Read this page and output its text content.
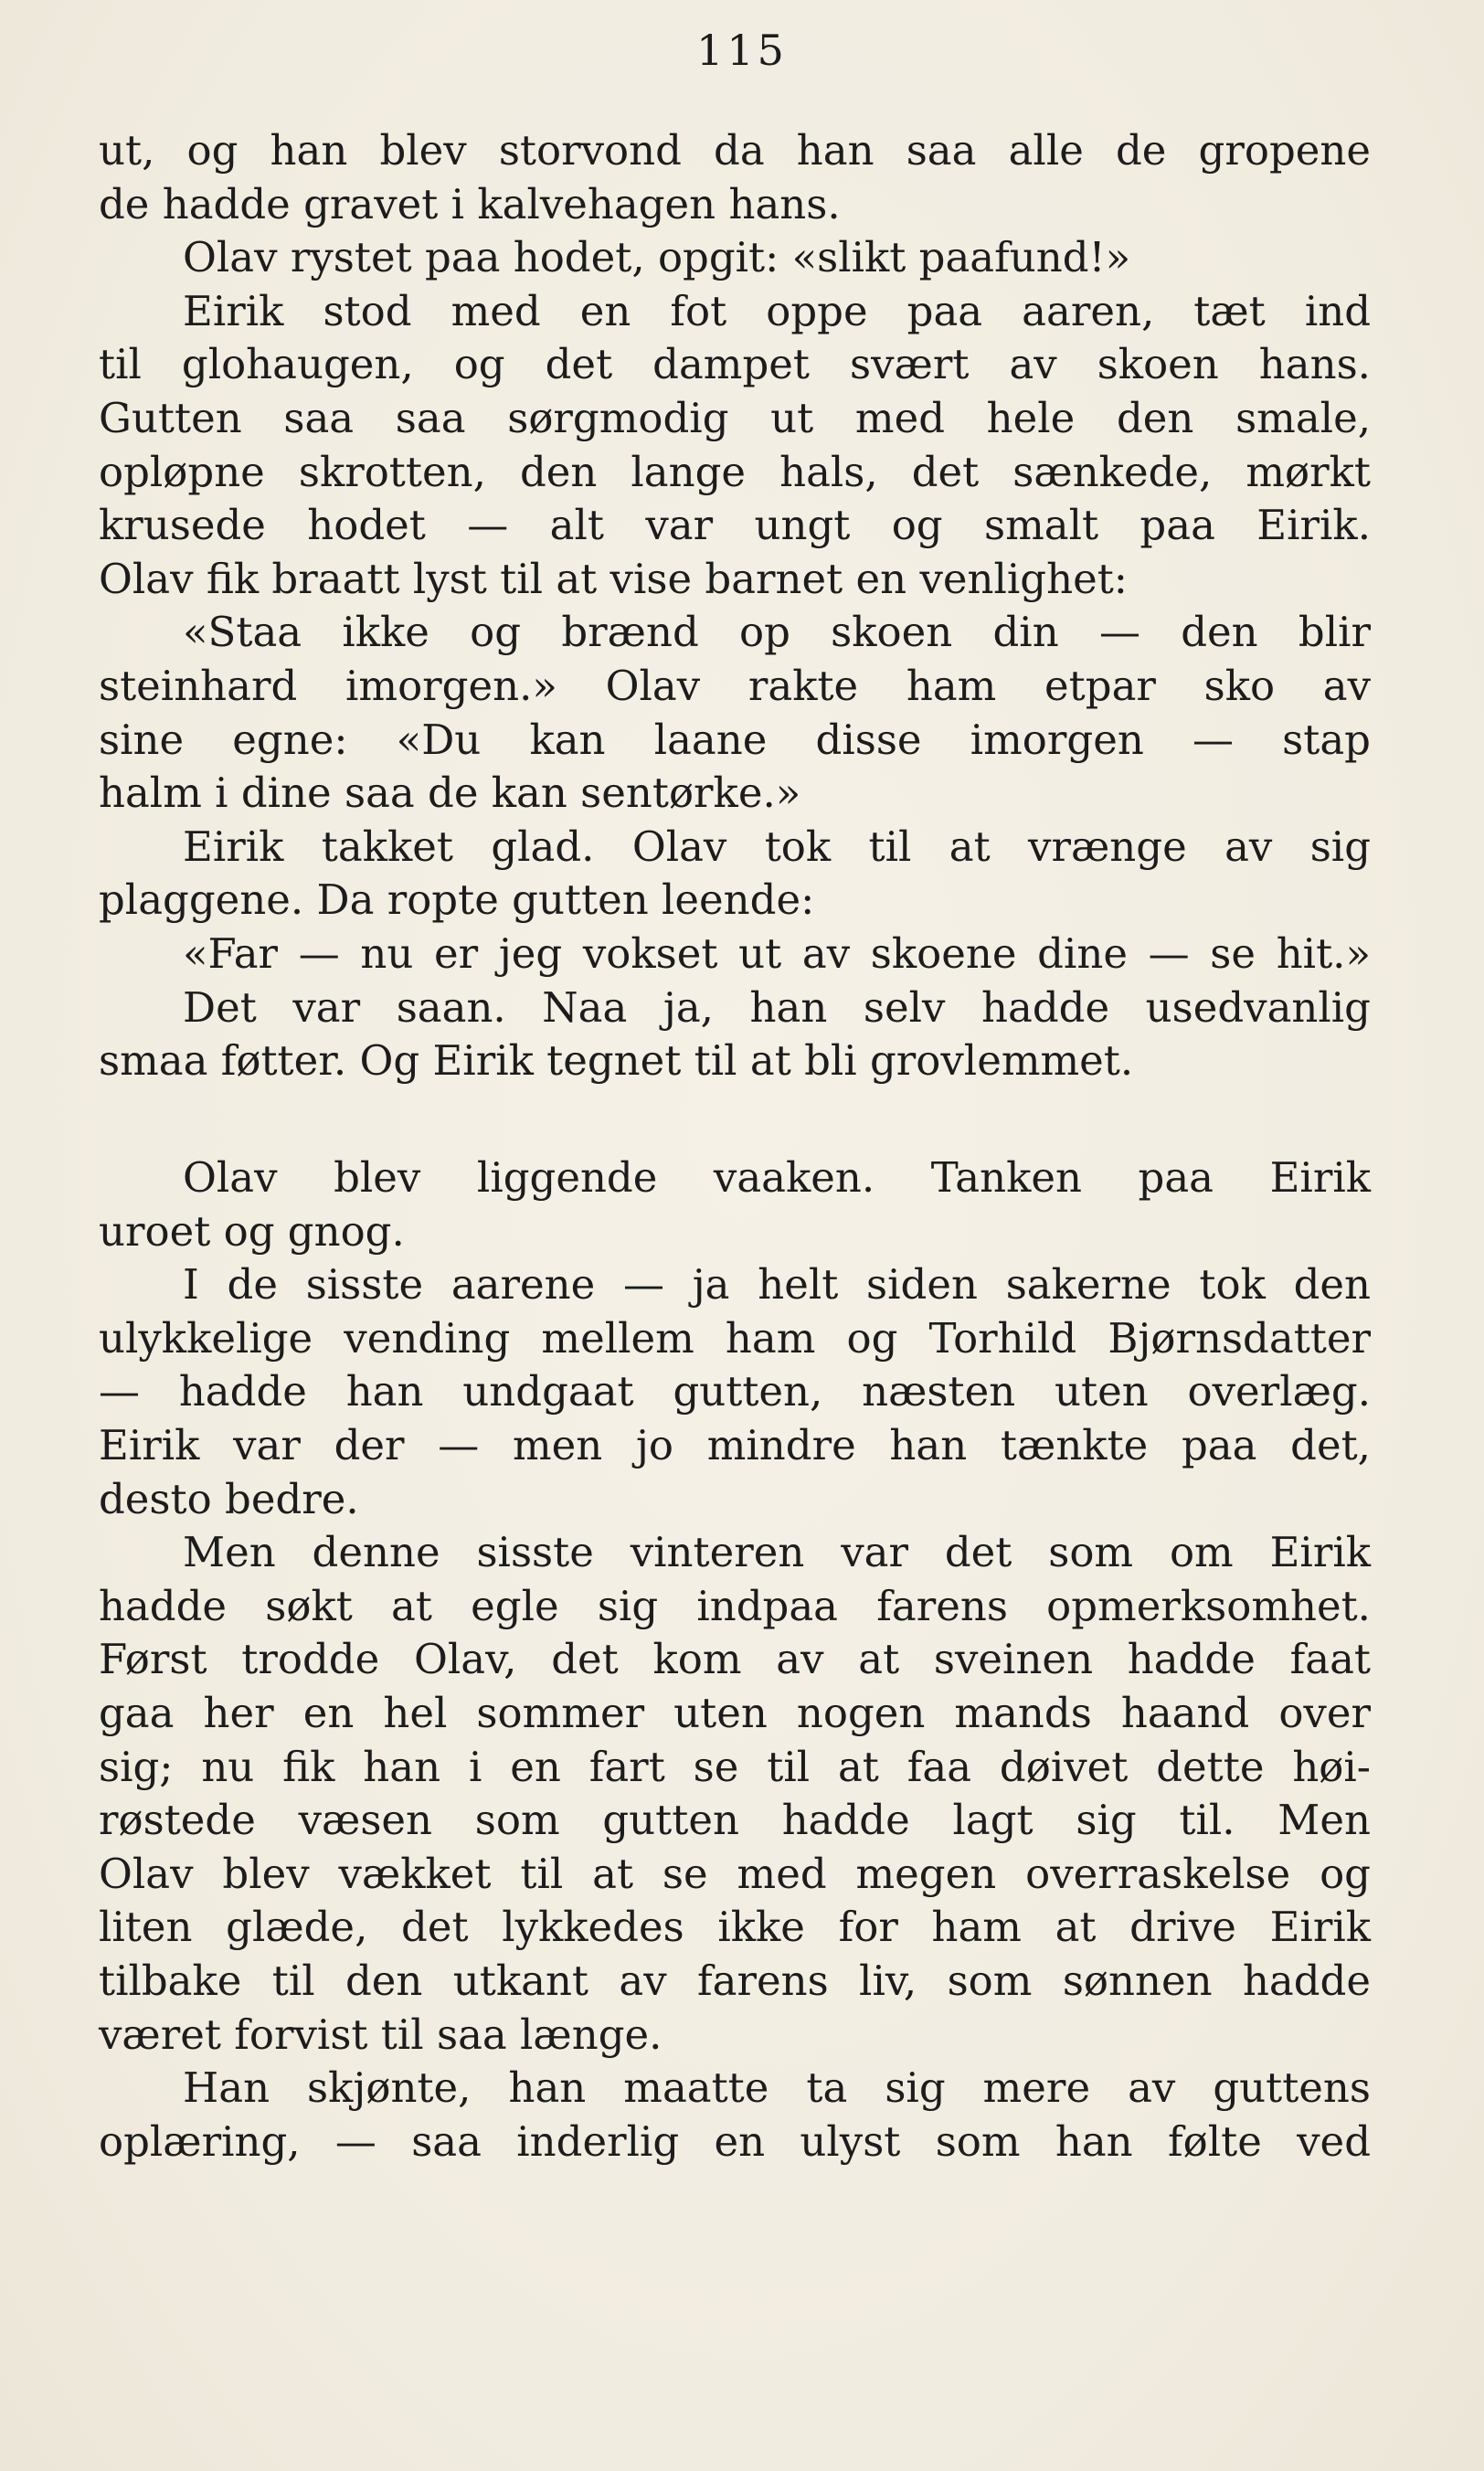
115
ut, og han blev storvond da han saa alle de gropene
de hadde gravet i kalvehagen hans.
Olav rystet paa hodet, opgit: «slikt paafund!»
Eirik stod med en fot oppe paa aaren, tæt ind
til glohaugen, og det dampet svært av skoen hans.
Gutten saa saa sørgmodig ut med hele den smale,
opløpne skrotten, den lange hals, det sænkede, mørkt
krusede hodet — alt var ungt og smalt paa Eirik.
Olav fik braatt lyst til at vise barnet en venlighet:
«Staa ikke og brænd op skoen din — den blir
steinhard imorgen.» Olav rakte ham etpar sko av
sine egne: «Du kan laane disse imorgen — stap
halm i dine saa de kan sentørke.»
Eirik takket glad. Olav tok til at vrænge av sig
plaggene. Da ropte gutten leende:
«Far — nu er jeg vokset ut av skoene dine — se hit.»
Det var saan. Naa ja, han selv hadde usedvanlig
smaa føtter. Og Eirik tegnet til at bli grovlemmet.
Olav blev liggende vaaken. Tanken paa Eirik
uroet og gnog.
I de sisste aarene — ja helt siden sakerne tok den
ulykkelige vending mellem ham og Torhild Bjørnsdatter
— hadde han undgaat gutten, næsten uten overlæg.
Eirik var der — men jo mindre han tænkte paa det,
desto bedre.
Men denne sisste vinteren var det som om Eirik
hadde søkt at egle sig indpaa farens opmerksomhet.
Først trodde Olav, det kom av at sveinen hadde faat
gaa her en hel sommer uten nogen mands haand over
sig; nu fik han i en fart se til at faa døivet dette høi-
røstede væsen som gutten hadde lagt sig til. Men
Olav blev vækket til at se med megen overraskelse og
liten glæde, det lykkedes ikke for ham at drive Eirik
tilbake til den utkant av farens liv, som sønnen hadde
været forvist til saa længe.
Han skjønte, han maatte ta sig mere av guttens
oplæring, — saa inderlig en ulyst som han følte ved
